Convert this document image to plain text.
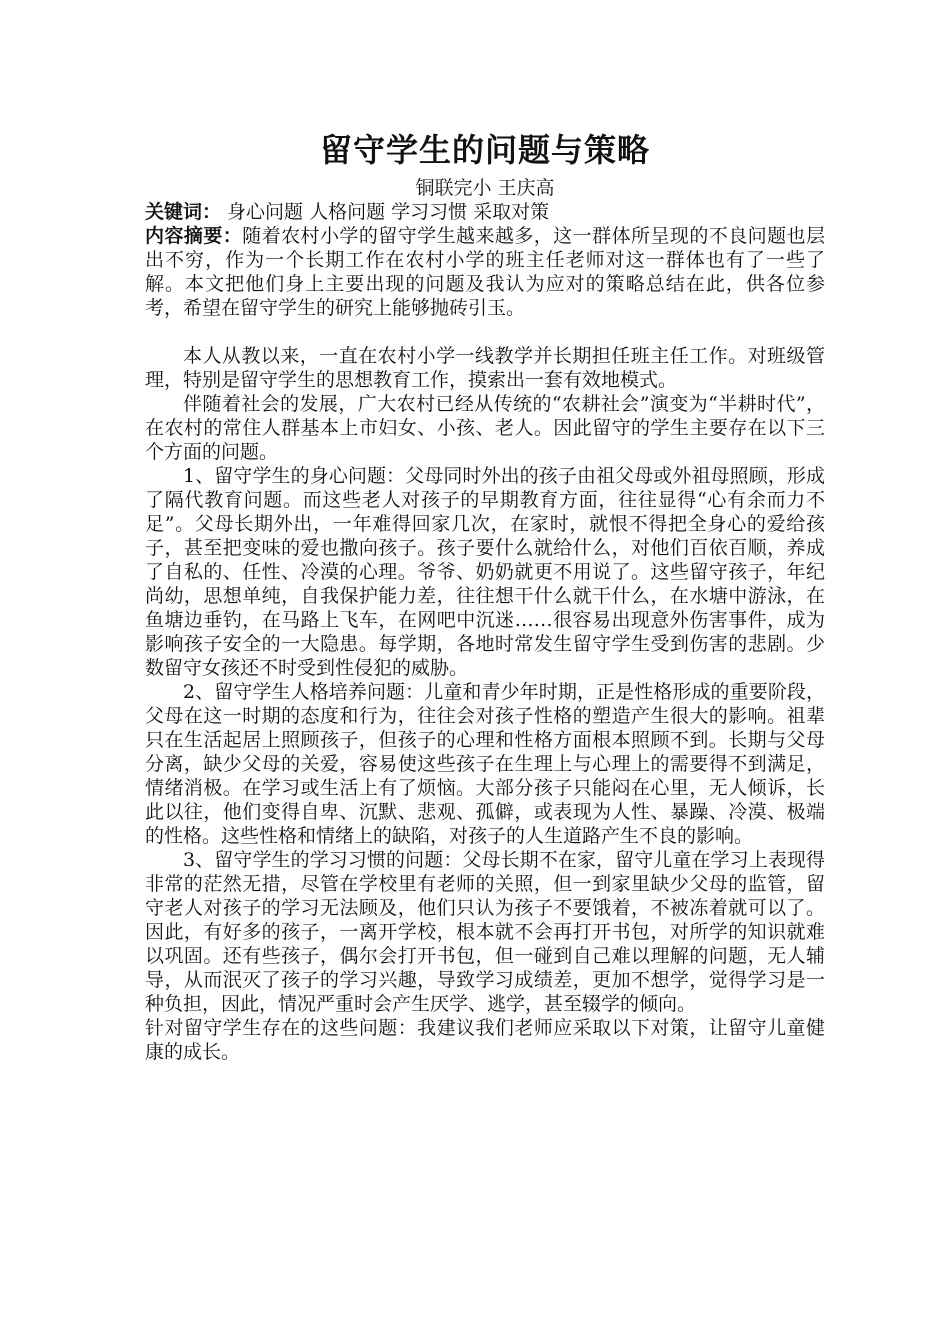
留守学生的问题与策略

铜联完小 王庆高

关键词： 身心问题 人格问题 学习习惯 采取对策

内容摘要：随着农村小学的留守学生越来越多，这一群体所呈现的不良问题也层出不穷，作为一个长期工作在农村小学的班主任老师对这一群体也有了一些了解。本文把他们身上主要出现的问题及我认为应对的策略总结在此，供各位参考，希望在留守学生的研究上能够抛砖引玉。

本人从教以来，一直在农村小学一线教学并长期担任班主任工作。对班级管理，特别是留守学生的思想教育工作，摸索出一套有效地模式。

伴随着社会的发展，广大农村已经从传统的“农耕社会”演变为“半耕时代”，在农村的常住人群基本上市妇女、小孩、老人。因此留守的学生主要存在以下三个方面的问题。

1、留守学生的身心问题：父母同时外出的孩子由祖父母或外祖母照顾，形成了隔代教育问题。而这些老人对孩子的早期教育方面，往往显得“心有余而力不足”。父母长期外出，一年难得回家几次，在家时，就恨不得把全身心的爱给孩子，甚至把变味的爱也撒向孩子。孩子要什么就给什么，对他们百依百顺，养成了自私的、任性、冷漠的心理。爷爷、奶奶就更不用说了。这些留守孩子，年纪尚幼，思想单纯，自我保护能力差，往往想干什么就干什么，在水塘中游泳，在鱼塘边垂钓，在马路上飞车，在网吧中沉迷……很容易出现意外伤害事件，成为影响孩子安全的一大隐患。每学期，各地时常发生留守学生受到伤害的悲剧。少数留守女孩还不时受到性侵犯的威胁。

2、留守学生人格培养问题：儿童和青少年时期，正是性格形成的重要阶段，父母在这一时期的态度和行为，往往会对孩子性格的塑造产生很大的影响。祖辈只在生活起居上照顾孩子，但孩子的心理和性格方面根本照顾不到。长期与父母分离，缺少父母的关爱，容易使这些孩子在生理上与心理上的需要得不到满足，情绪消极。在学习或生活上有了烦恼。大部分孩子只能闷在心里，无人倾诉，长此以往，他们变得自卑、沉默、悲观、孤僻，或表现为人性、暴躁、冷漠、极端的性格。这些性格和情绪上的缺陷，对孩子的人生道路产生不良的影响。

3、留守学生的学习习惯的问题：父母长期不在家，留守儿童在学习上表现得非常的茫然无措，尽管在学校里有老师的关照，但一到家里缺少父母的监管，留守老人对孩子的学习无法顾及，他们只认为孩子不要饿着，不被冻着就可以了。因此，有好多的孩子，一离开学校，根本就不会再打开书包，对所学的知识就难以巩固。还有些孩子，偶尔会打开书包，但一碰到自己难以理解的问题，无人辅导，从而泯灭了孩子的学习兴趣，导致学习成绩差，更加不想学，觉得学习是一种负担，因此，情况严重时会产生厌学、逃学，甚至辍学的倾向。

针对留守学生存在的这些问题：我建议我们老师应采取以下对策，让留守儿童健康的成长。
